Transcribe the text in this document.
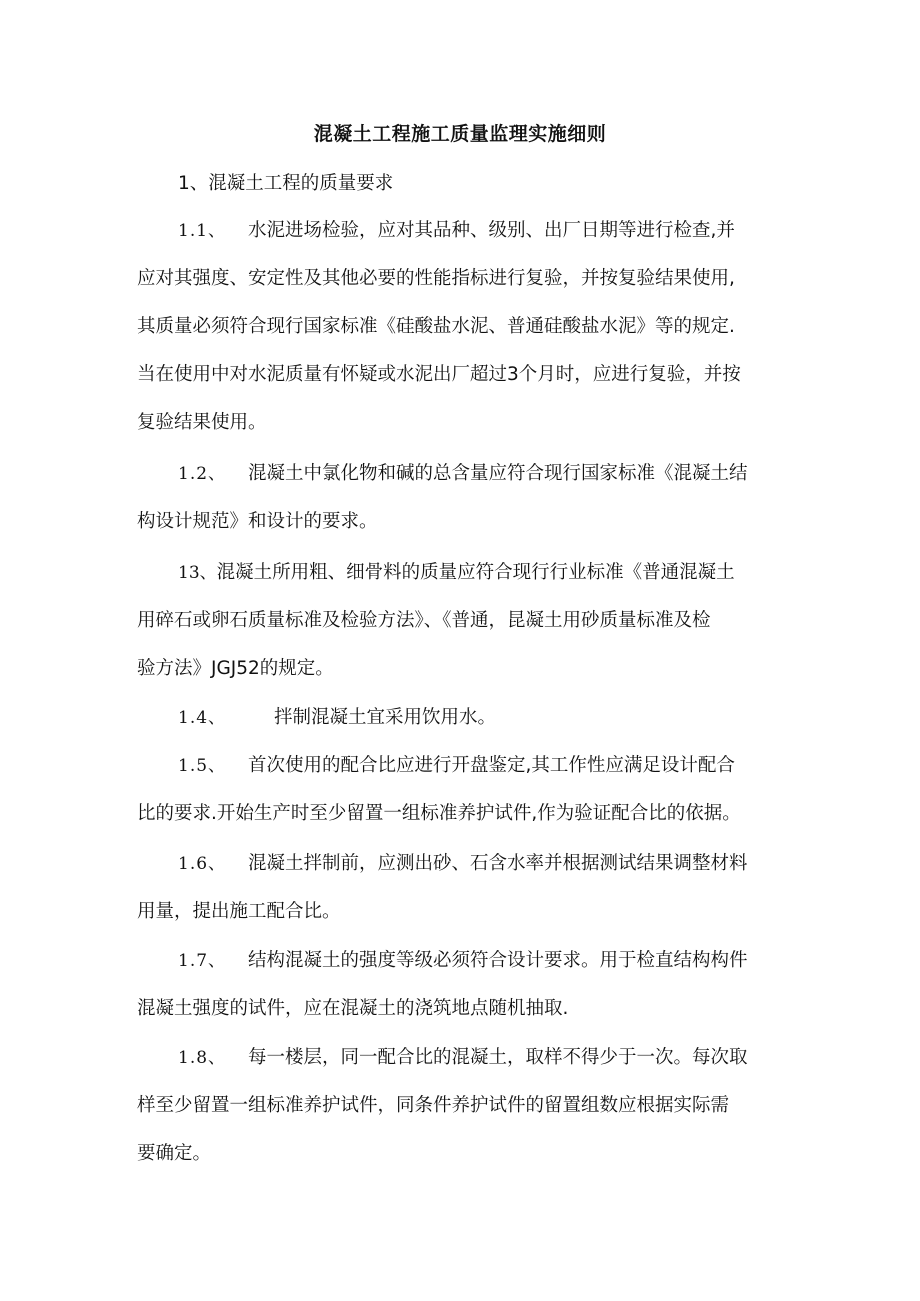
混凝土工程施工质量监理实施细则
1、混凝土工程的质量要求
1.1、 水泥进场检验，应对其品种、级别、出厂日期等进行检查,并
应对其强度、安定性及其他必要的性能指标进行复验，并按复验结果使用,
其质量必须符合现行国家标准《硅酸盐水泥、普通硅酸盐水泥》等的规定.
当在使用中对水泥质量有怀疑或水泥出厂超过3个月时，应进行复验，并按
复验结果使用。
1.2、 混凝土中氯化物和碱的总含量应符合现行国家标准《混凝土结
构设计规范》和设计的要求。
13、混凝土所用粗、细骨料的质量应符合现行行业标准《普通混凝土
用碎石或卵石质量标准及检验方法》、《普通，昆凝土用砂质量标准及检
验方法》JGJ52的规定。
1.4、	拌制混凝土宜采用饮用水。
1.5、 首次使用的配合比应进行开盘鉴定,其工作性应满足设计配合
比的要求.开始生产时至少留置一组标准养护试件,作为验证配合比的依据。
1.6、 混凝土拌制前，应测出砂、石含水率并根据测试结果调整材料
用量，提出施工配合比。
1.7、 结构混凝土的强度等级必须符合设计要求。用于检直结构构件
混凝土强度的试件，应在混凝土的浇筑地点随机抽取.
1.8、 每一楼层，同一配合比的混凝土，取样不得少于一次。每次取
样至少留置一组标准养护试件，同条件养护试件的留置组数应根据实际需
要确定。
